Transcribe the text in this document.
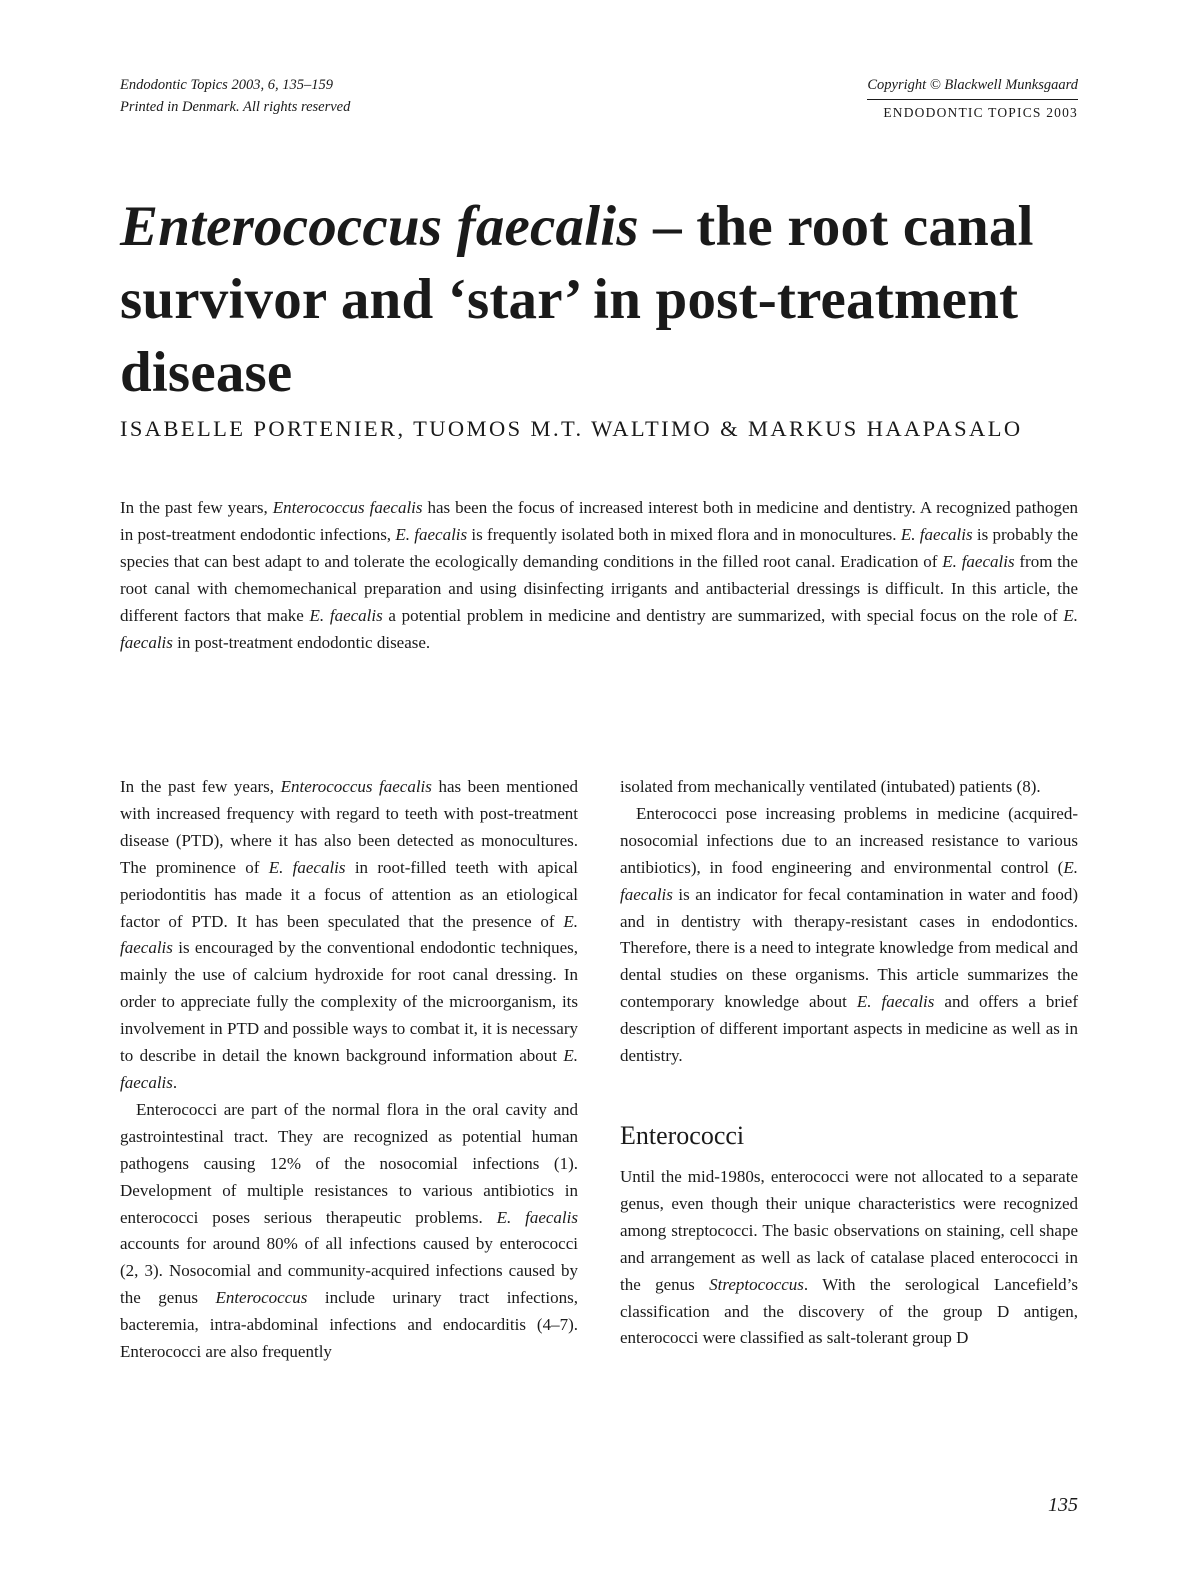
Endodontic Topics 2003, 6, 135–159
Printed in Denmark. All rights reserved
Copyright © Blackwell Munksgaard
ENDODONTIC TOPICS 2003
Enterococcus faecalis – the root canal survivor and ‘star’ in post-treatment disease
ISABELLE PORTENIER, TUOMOS M.T. WALTIMO & MARKUS HAAPASALO

In the past few years, Enterococcus faecalis has been the focus of increased interest both in medicine and dentistry. A recognized pathogen in post-treatment endodontic infections, E. faecalis is frequently isolated both in mixed flora and in monocultures. E. faecalis is probably the species that can best adapt to and tolerate the ecologically demanding conditions in the filled root canal. Eradication of E. faecalis from the root canal with chemomechanical preparation and using disinfecting irrigants and antibacterial dressings is difficult. In this article, the different factors that make E. faecalis a potential problem in medicine and dentistry are summarized, with special focus on the role of E. faecalis in post-treatment endodontic disease.

In the past few years, Enterococcus faecalis has been mentioned with increased frequency with regard to teeth with post-treatment disease (PTD), where it has also been detected as monocultures. The prominence of E. faecalis in root-filled teeth with apical periodontitis has made it a focus of attention as an etiological factor of PTD. It has been speculated that the presence of E. faecalis is encouraged by the conventional endodontic techniques, mainly the use of calcium hydroxide for root canal dressing. In order to appreciate fully the complexity of the microorganism, its involvement in PTD and possible ways to combat it, it is necessary to describe in detail the known background information about E. faecalis.

Enterococci are part of the normal flora in the oral cavity and gastrointestinal tract. They are recognized as potential human pathogens causing 12% of the nosocomial infections (1). Development of multiple resistances to various antibiotics in enterococci poses serious therapeutic problems. E. faecalis accounts for around 80% of all infections caused by enterococci (2, 3). Nosocomial and community-acquired infections caused by the genus Enterococcus include urinary tract infections, bacteremia, intra-abdominal infections and endocarditis (4–7). Enterococci are also frequently

isolated from mechanically ventilated (intubated) patients (8).

Enterococci pose increasing problems in medicine (acquired-nosocomial infections due to an increased resistance to various antibiotics), in food engineering and environmental control (E. faecalis is an indicator for fecal contamination in water and food) and in dentistry with therapy-resistant cases in endodontics. Therefore, there is a need to integrate knowledge from medical and dental studies on these organisms. This article summarizes the contemporary knowledge about E. faecalis and offers a brief description of different important aspects in medicine as well as in dentistry.

Enterococci

Until the mid-1980s, enterococci were not allocated to a separate genus, even though their unique characteristics were recognized among streptococci. The basic observations on staining, cell shape and arrangement as well as lack of catalase placed enterococci in the genus Streptococcus. With the serological Lancefield’s classification and the discovery of the group D antigen, enterococci were classified as salt-tolerant group D

135
